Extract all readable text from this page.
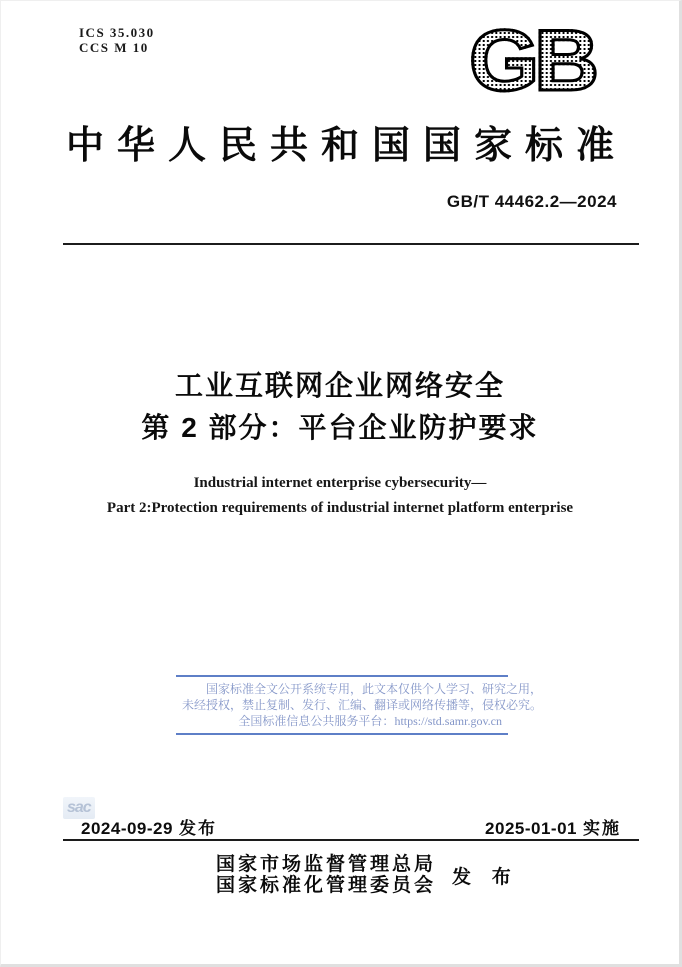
ICS 35.030
CCS M 10	GB
中华人民共和国国家标准
GB/T 44462.2—2024
工业互联网企业网络安全
第 2 部分：平台企业防护要求
Industrial internet enterprise cybersecurity—
Part 2:Protection requirements of industrial internet platform enterprise
国家标准全文公开系统专用，此文本仅供个人学习、研究之用，
未经授权，禁止复制、发行、汇编、翻译或网络传播等，侵权必究。
全国标准信息公共服务平台：https://std.samr.gov.cn
sac
2024-09-29 发布	2025-01-01 实施
国家市场监督管理总局
国家标准化管理委员会 发 布
